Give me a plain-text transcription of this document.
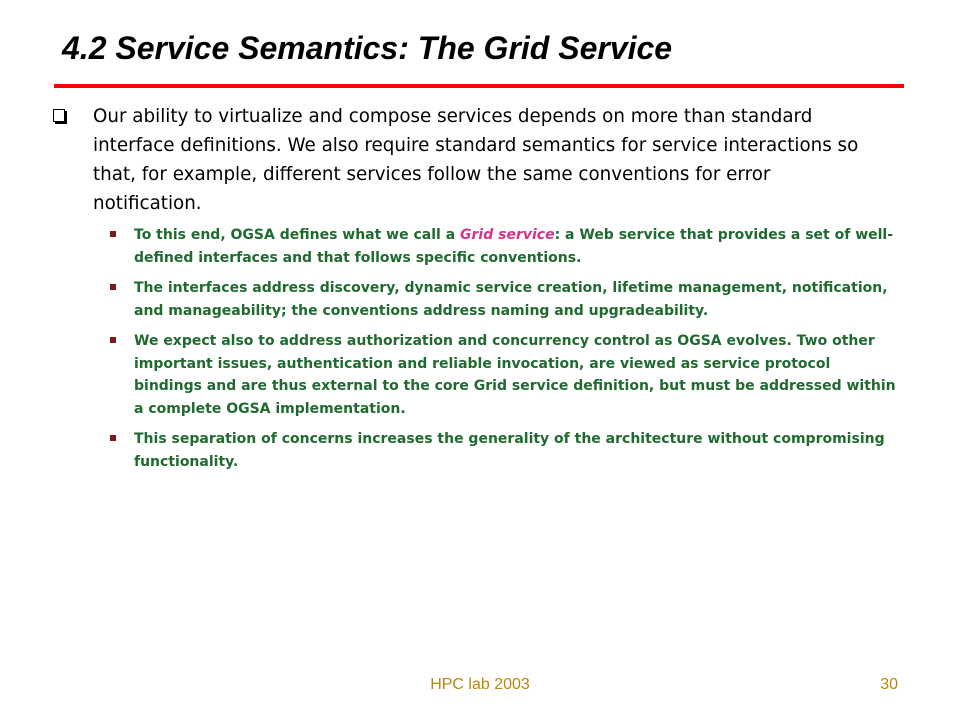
4.2 Service Semantics: The Grid Service

Our ability to virtualize and compose services depends on more than standard interface definitions. We also require standard semantics for service interactions so that, for example, different services follow the same conventions for error notification.

To this end, OGSA defines what we call a Grid service: a Web service that provides a set of well-defined interfaces and that follows specific conventions.

The interfaces address discovery, dynamic service creation, lifetime management, notification, and manageability; the conventions address naming and upgradeability.

We expect also to address authorization and concurrency control as OGSA evolves. Two other important issues, authentication and reliable invocation, are viewed as service protocol bindings and are thus external to the core Grid service definition, but must be addressed within a complete OGSA implementation.

This separation of concerns increases the generality of the architecture without compromising functionality.

HPC lab 2003	30
